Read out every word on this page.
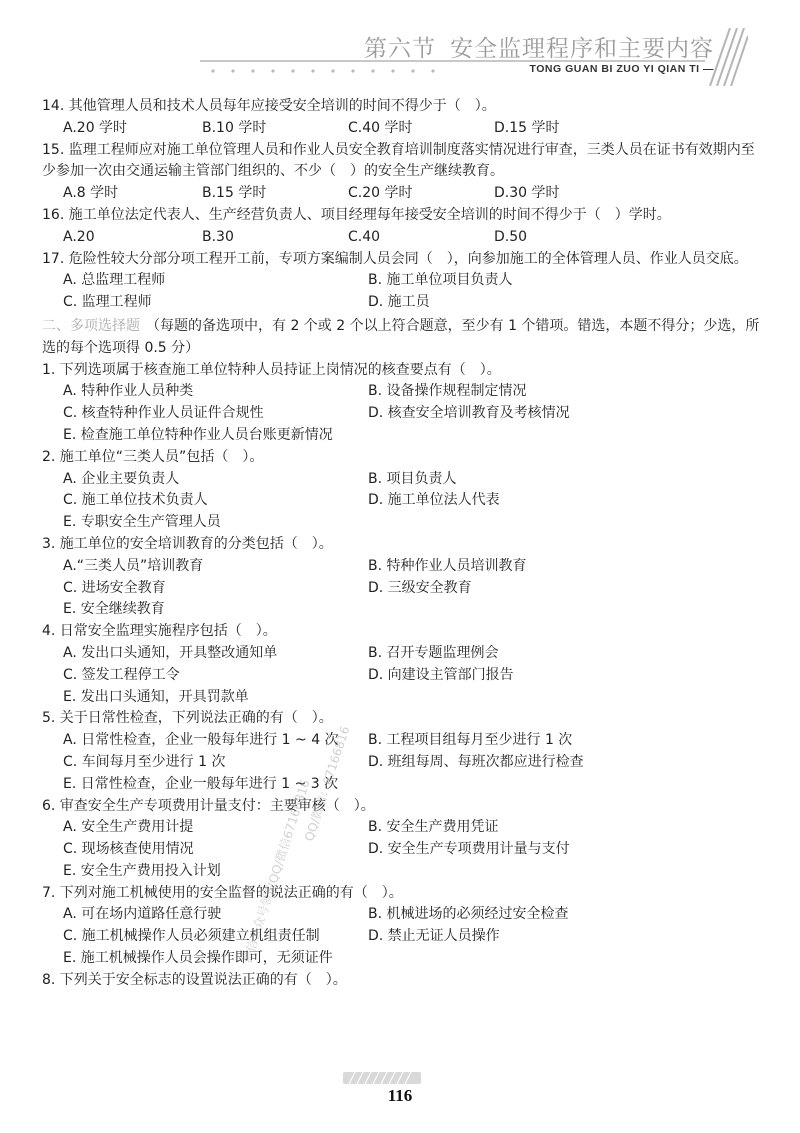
第六节 安全监理程序和主要内容
TONG GUAN BI ZUO YI QIAN TI —
14. 其他管理人员和技术人员每年应接受安全培训的时间不得少于（　）。
A.20 学时	B.10 学时	C.40 学时	D.15 学时
15. 监理工程师应对施工单位管理人员和作业人员安全教育培训制度落实情况进行审查，三类人员在证书有效期内至少参加一次由交通运输主管部门组织的、不少（　）的安全生产继续教育。
A.8 学时	B.15 学时	C.20 学时	D.30 学时
16. 施工单位法定代表人、生产经营负责人、项目经理每年接受安全培训的时间不得少于（　）学时。
A.20	B.30	C.40	D.50
17. 危险性较大分部分项工程开工前，专项方案编制人员会同（　），向参加施工的全体管理人员、作业人员交底。
A. 总监理工程师	B. 施工单位项目负责人
C. 监理工程师	D. 施工员
二、多项选择题 （每题的备选项中，有 2 个或 2 个以上符合题意，至少有 1 个错项。错选，本题不得分；少选，所选的每个选项得 0.5 分）
1. 下列选项属于核查施工单位特种人员持证上岗情况的核查要点有（　）。
A. 特种作业人员种类	B. 设备操作规程制定情况
C. 核查特种作业人员证件合规性	D. 核查安全培训教育及考核情况
E. 检查施工单位特种作业人员台账更新情况
2. 施工单位“三类人员”包括（　）。
A. 企业主要负责人	B. 项目负责人
C. 施工单位技术负责人	D. 施工单位法人代表
E. 专职安全生产管理人员
3. 施工单位的安全培训教育的分类包括（　）。
A.“三类人员”培训教育	B. 特种作业人员培训教育
C. 进场安全教育	D. 三级安全教育
E. 安全继续教育
4. 日常安全监理实施程序包括（　）。
A. 发出口头通知，开具整改通知单	B. 召开专题监理例会
C. 签发工程停工令	D. 向建设主管部门报告
E. 发出口头通知，开具罚款单
5. 关于日常性检查，下列说法正确的有（　）。
A. 日常性检查，企业一般每年进行 1 ~ 4 次	B. 工程项目组每月至少进行 1 次
C. 车间每月至少进行 1 次	D. 班组每周、每班次都应进行检查
E. 日常性检查，企业一般每年进行 1 ~ 3 次
6. 审查安全生产专项费用计量支付：主要审核（　）。
A. 安全生产费用计提	B. 安全生产费用凭证
C. 现场核查使用情况	D. 安全生产专项费用计量与支付
E. 安全生产费用投入计划
7. 下列对施工机械使用的安全监督的说法正确的有（　）。
A. 可在场内道路任意行驶	B. 机械进场的必须经过安全检查
C. 施工机械操作人员必须建立机组责任制	D. 禁止无证人员操作
E. 施工机械操作人员会操作即可，无须证件
8. 下列关于安全标志的设置说法正确的有（　）。
微信公众号领取QQ/微信67166816
QQ/微信：67166816
116
